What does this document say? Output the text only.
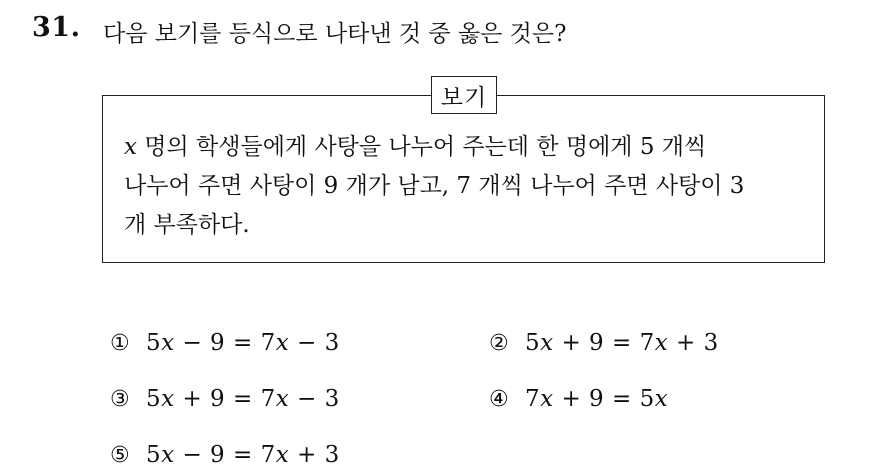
31. 다음 보기를 등식으로 나타낸 것 중 옳은 것은?
보기
x 명의 학생들에게 사탕을 나누어 주는데 한 명에게 5 개씩
나누어 주면 사탕이 9 개가 남고, 7 개씩 나누어 주면 사탕이 3
개 부족하다.
① 5x − 9 = 7x − 3	② 5x + 9 = 7x + 3
③ 5x + 9 = 7x − 3	④ 7x + 9 = 5x
⑤ 5x − 9 = 7x + 3
